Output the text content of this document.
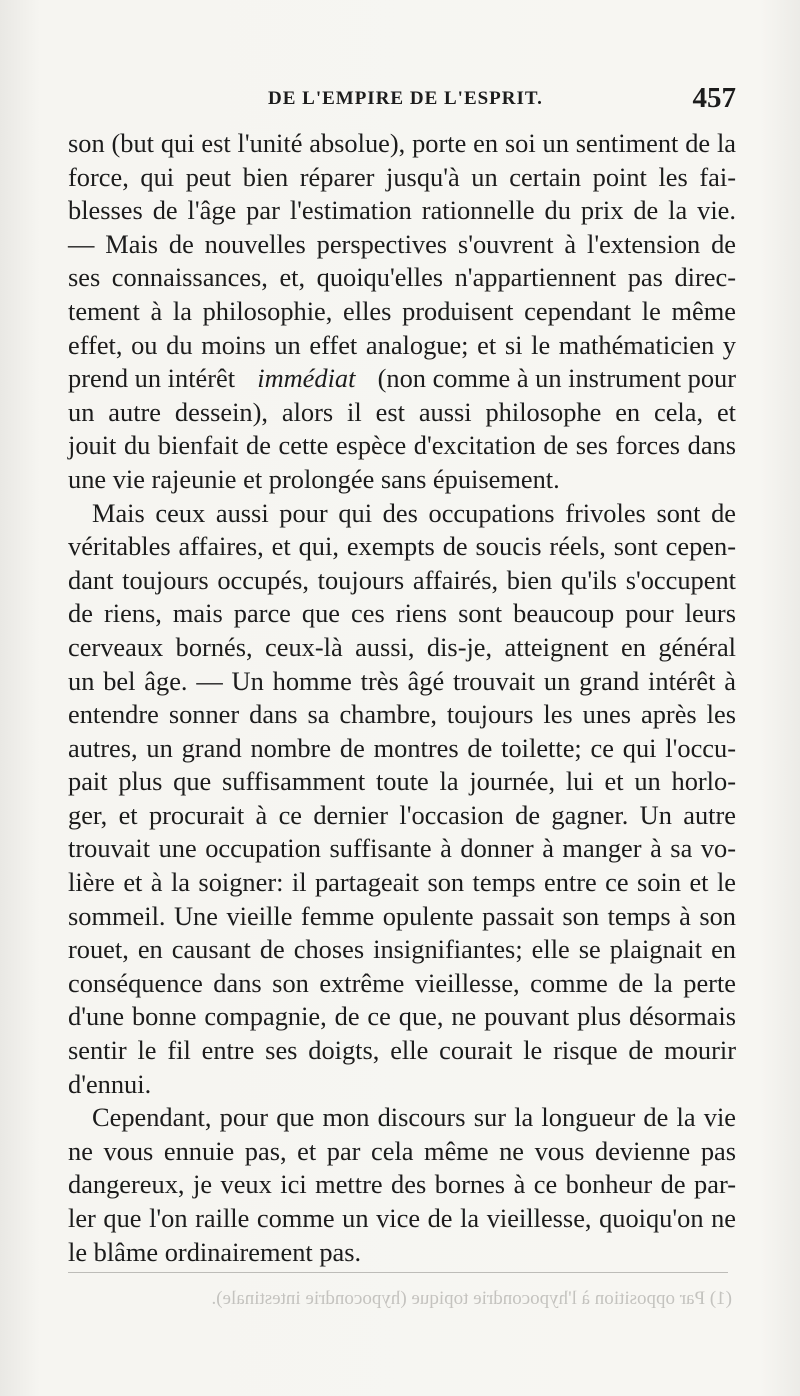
DE L'EMPIRE DE L'ESPRIT.	457
son (but qui est l'unité absolue), porte en soi un sentiment de la
force, qui peut bien réparer jusqu'à un certain point les fai-
blesses de l'âge par l'estimation rationnelle du prix de la vie.
— Mais de nouvelles perspectives s'ouvrent à l'extension de
ses connaissances, et, quoiqu'elles n'appartiennent pas direc-
tement à la philosophie, elles produisent cependant le même
effet, ou du moins un effet analogue; et si le mathématicien y
prend un intérêt immédiat (non comme à un instrument pour
un autre dessein), alors il est aussi philosophe en cela, et
jouit du bienfait de cette espèce d'excitation de ses forces dans
une vie rajeunie et prolongée sans épuisement.
Mais ceux aussi pour qui des occupations frivoles sont de
véritables affaires, et qui, exempts de soucis réels, sont cepen-
dant toujours occupés, toujours affairés, bien qu'ils s'occupent
de riens, mais parce que ces riens sont beaucoup pour leurs
cerveaux bornés, ceux-là aussi, dis-je, atteignent en général
un bel âge. — Un homme très âgé trouvait un grand intérêt à
entendre sonner dans sa chambre, toujours les unes après les
autres, un grand nombre de montres de toilette; ce qui l'occu-
pait plus que suffisamment toute la journée, lui et un horlo-
ger, et procurait à ce dernier l'occasion de gagner. Un autre
trouvait une occupation suffisante à donner à manger à sa vo-
lière et à la soigner: il partageait son temps entre ce soin et le
sommeil. Une vieille femme opulente passait son temps à son
rouet, en causant de choses insignifiantes; elle se plaignait en
conséquence dans son extrême vieillesse, comme de la perte
d'une bonne compagnie, de ce que, ne pouvant plus désormais
sentir le fil entre ses doigts, elle courait le risque de mourir
d'ennui.
Cependant, pour que mon discours sur la longueur de la vie
ne vous ennuie pas, et par cela même ne vous devienne pas
dangereux, je veux ici mettre des bornes à ce bonheur de par-
ler que l'on raille comme un vice de la vieillesse, quoiqu'on ne
le blâme ordinairement pas.
(1) Par opposition à l'hypocondrie topique (hypocondrie intestinale).
